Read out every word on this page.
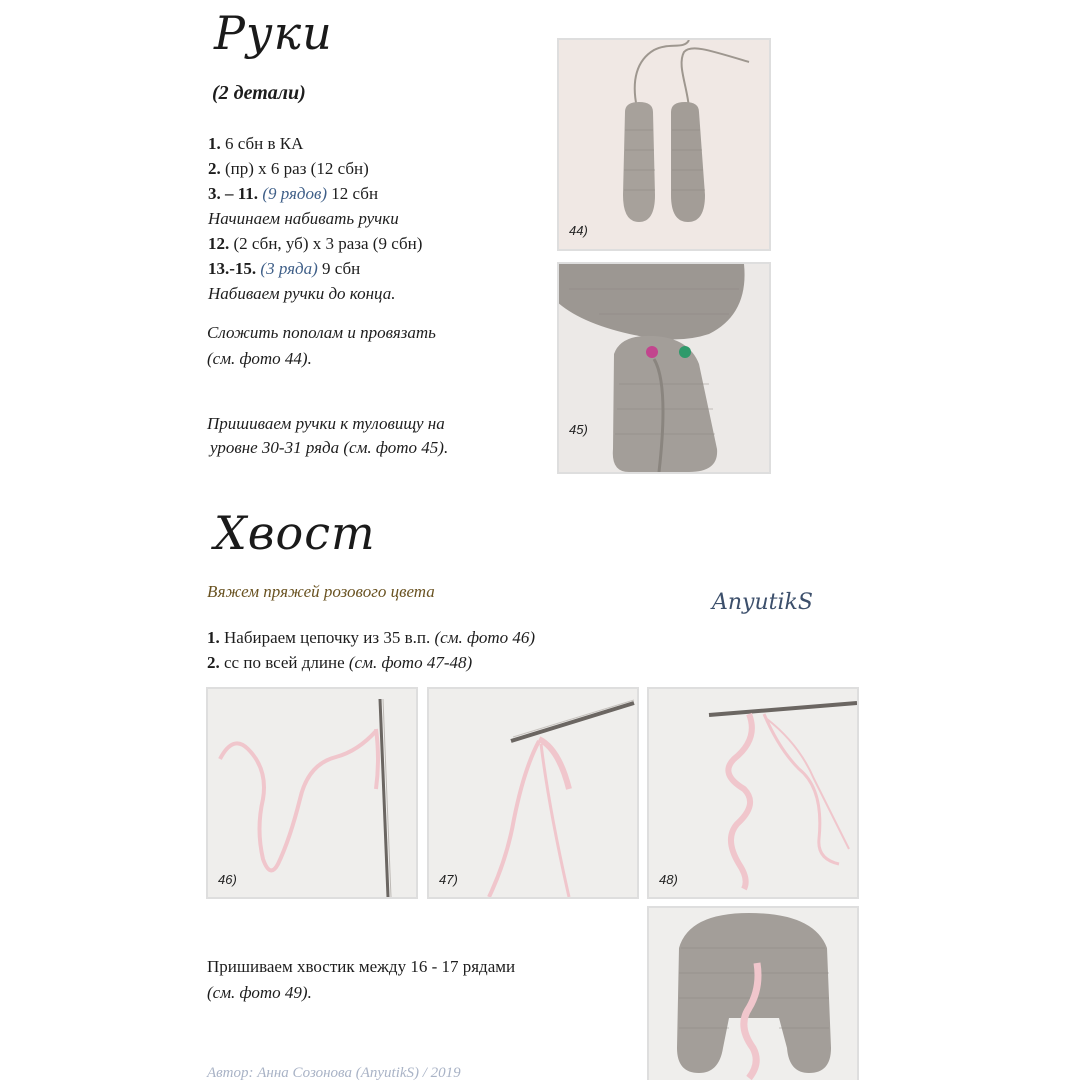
Руки
(2 детали)
1. 6 сбн в КА
2. (пр) х 6 раз (12 сбн)
3. – 11. (9 рядов) 12 сбн
Начинаем набивать ручки
12. (2 сбн, уб) х 3 раза (9 сбн)
13.-15. (3 ряда) 9 сбн
Набиваем ручки до конца.
Сложить пополам и провязать
(см. фото 44).
Пришиваем ручки к туловищу на
уровне 30-31 ряда (см. фото 45).
44)
45)
Хвост
Вяжем пряжей розового цвета	AnyutikS
1. Набираем цепочку из 35 в.п. (см. фото 46)
2. сс по всей длине (см. фото 47-48)
46)	47)	48)
Пришиваем хвостик между 16 - 17 рядами
(см. фото 49).
Автор: Анна Созонова (AnyutikS) / 2019
